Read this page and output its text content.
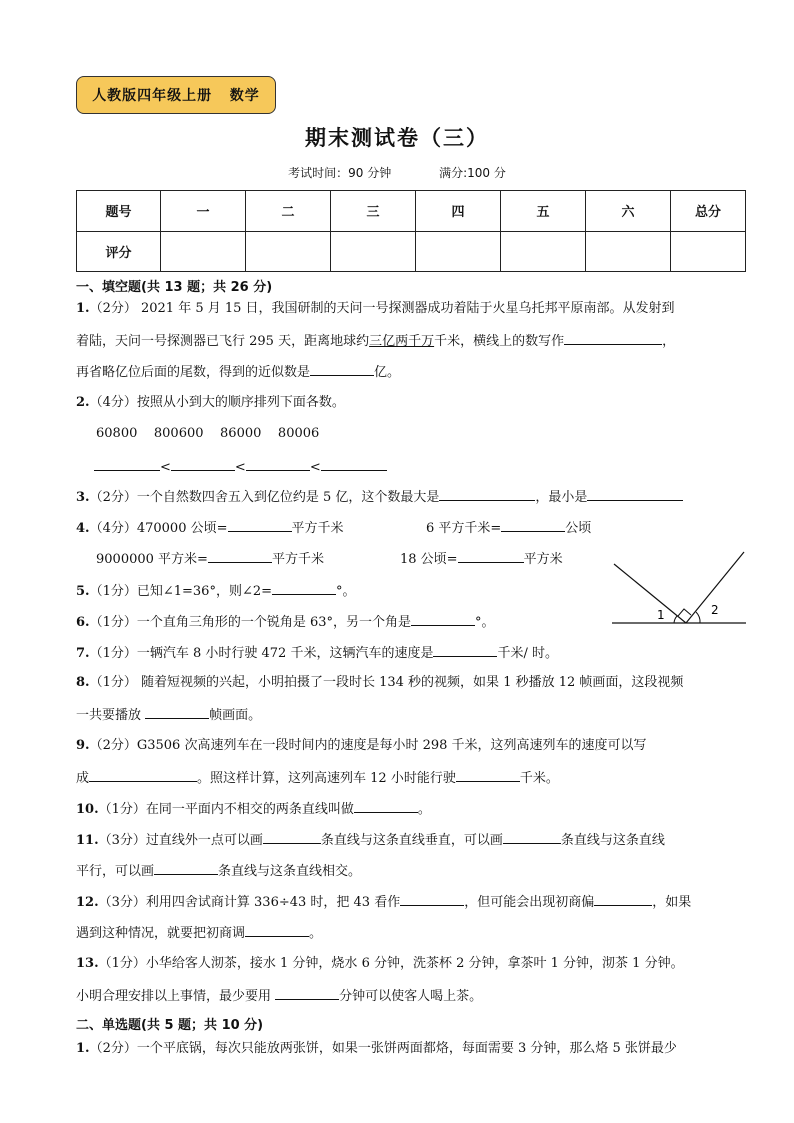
人教版四年级上册   数学
期末测试卷（三）
考试时间：90 分钟	满分:100 分
题号	一	二	三	四	五	六	总分
评分							
一、填空题(共 13 题；共 26 分)
1.（2分） 2021 年 5 月 15 日，我国研制的天问一号探测器成功着陆于火星乌托邦平原南部。从发射到
着陆，天问一号探测器已飞行 295 天，距离地球约三亿两千万千米，横线上的数写作	，
再省略亿位后面的尾数，得到的近似数是	亿。
2.（4分）按照从小到大的顺序排列下面各数。
60800    800600    86000    80006
<	<	<
3.（2分）一个自然数四舍五入到亿位约是 5 亿，这个数最大是	，最小是
4.（4分）470000 公顷=	平方千米	6 平方千米=	公顷
9000000 平方米=	平方千米	18 公顷=	平方米
1	2
5.（1分）已知∠1=36°，则∠2=	°。
6.（1分）一个直角三角形的一个锐角是 63°，另一个角是	°。
7.（1分）一辆汽车 8 小时行驶 472 千米，这辆汽车的速度是	千米/ 时。
8.（1分） 随着短视频的兴起，小明拍摄了一段时长 134 秒的视频，如果 1 秒播放 12 帧画面，这段视频
一共要播放	帧画面。
9.（2分）G3506 次高速列车在一段时间内的速度是每小时 298 千米，这列高速列车的速度可以写
成	。照这样计算，这列高速列车 12 小时能行驶	千米。
10.（1分）在同一平面内不相交的两条直线叫做	。
11.（3分）过直线外一点可以画	条直线与这条直线垂直，可以画	条直线与这条直线
平行，可以画	条直线与这条直线相交。
12.（3分）利用四舍试商计算 336÷43 时，把 43 看作	，但可能会出现初商偏	，如果
遇到这种情况，就要把初商调	。
13.（1分）小华给客人沏茶，接水 1 分钟，烧水 6 分钟，洗茶杯 2 分钟，拿茶叶 1 分钟，沏茶 1 分钟。
小明合理安排以上事情，最少要用	分钟可以使客人喝上茶。
二、单选题(共 5 题；共 10 分)
1.（2分）一个平底锅，每次只能放两张饼，如果一张饼两面都烙，每面需要 3 分钟，那么烙 5 张饼最少
